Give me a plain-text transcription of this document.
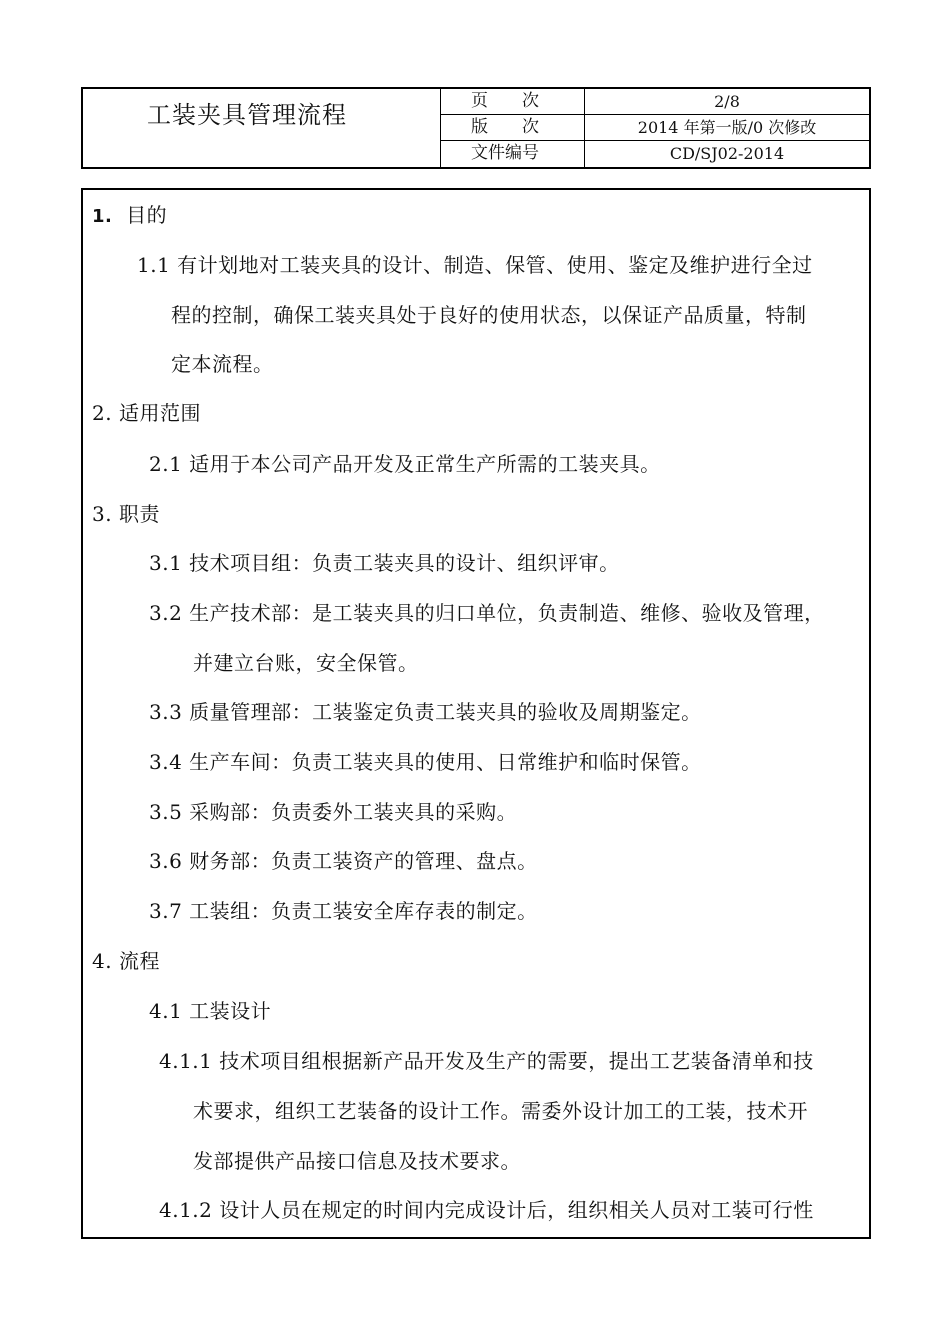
工装夹具管理流程	页　　次	2/8
版　　次	2014 年第一版/0 次修改
文件编号	CD/SJ02-2014
1. 目的
1.1 有计划地对工装夹具的设计、制造、保管、使用、鉴定及维护进行全过
程的控制，确保工装夹具处于良好的使用状态，以保证产品质量，特制
定本流程。
2. 适用范围
2.1 适用于本公司产品开发及正常生产所需的工装夹具。
3. 职责
3.1 技术项目组：负责工装夹具的设计、组织评审。
3.2 生产技术部：是工装夹具的归口单位，负责制造、维修、验收及管理，
并建立台账，安全保管。
3.3 质量管理部：工装鉴定负责工装夹具的验收及周期鉴定。
3.4 生产车间：负责工装夹具的使用、日常维护和临时保管。
3.5 采购部：负责委外工装夹具的采购。
3.6 财务部：负责工装资产的管理、盘点。
3.7 工装组：负责工装安全库存表的制定。
4. 流程
4.1 工装设计
4.1.1 技术项目组根据新产品开发及生产的需要，提出工艺装备清单和技
术要求，组织工艺装备的设计工作。需委外设计加工的工装，技术开
发部提供产品接口信息及技术要求。
4.1.2 设计人员在规定的时间内完成设计后，组织相关人员对工装可行性
